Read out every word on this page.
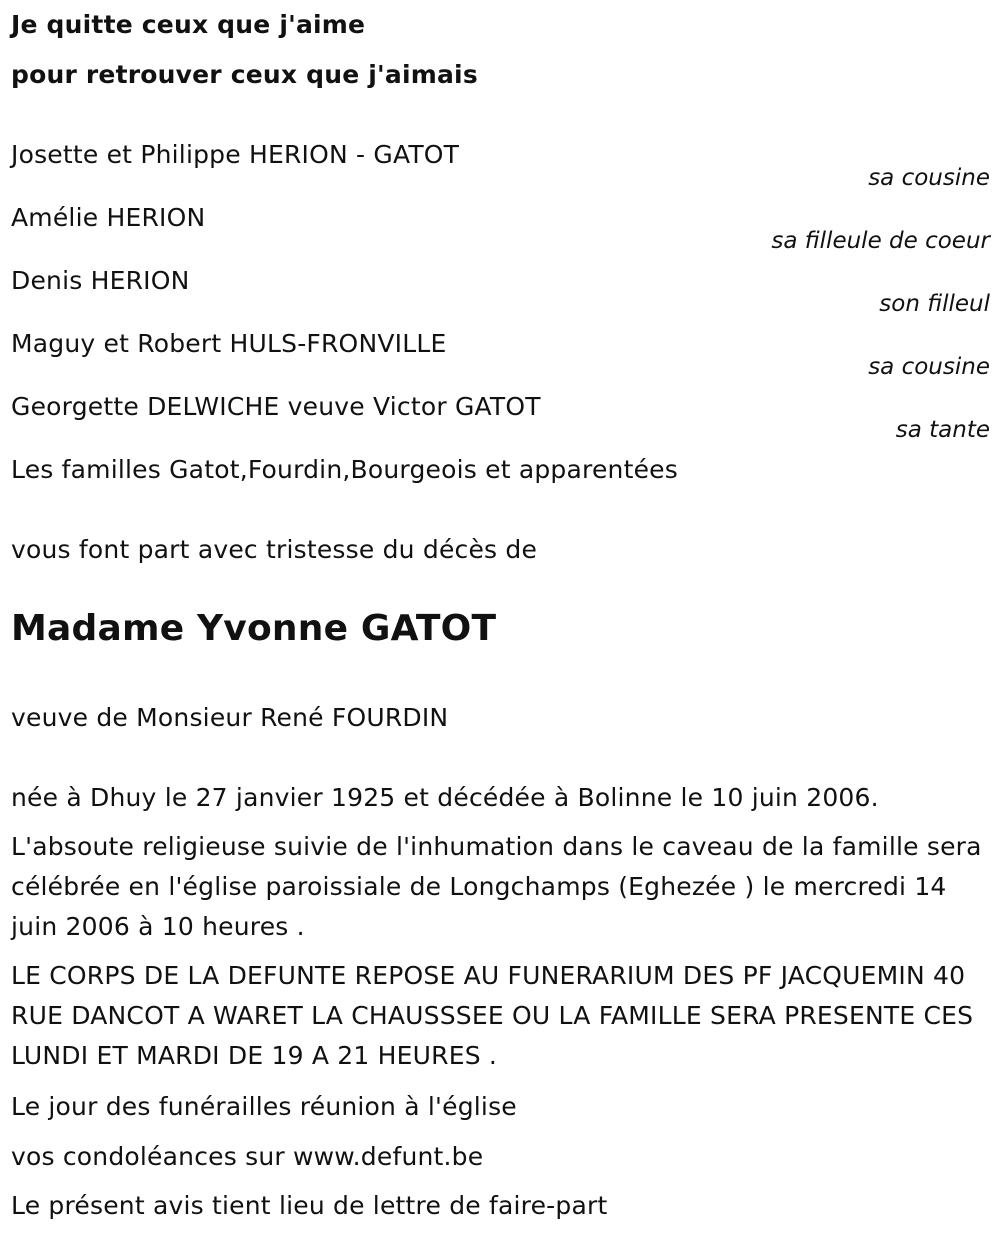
Je quitte ceux que j'aime
pour retrouver ceux que j'aimais
Josette et Philippe HERION - GATOT
sa cousine
Amélie HERION
sa filleule de coeur
Denis HERION
son filleul
Maguy et Robert HULS-FRONVILLE
sa cousine
Georgette DELWICHE veuve Victor GATOT
sa tante
Les familles Gatot,Fourdin,Bourgeois et apparentées
vous font part avec tristesse du décès de
Madame Yvonne GATOT
veuve de Monsieur René FOURDIN
née à Dhuy le 27 janvier 1925 et décédée à Bolinne le 10 juin 2006.
L'absoute religieuse suivie de l'inhumation dans le caveau de la famille sera célébrée en l'église paroissiale de Longchamps (Eghezée ) le mercredi 14 juin 2006 à 10 heures .
LE CORPS DE LA DEFUNTE REPOSE AU FUNERARIUM DES PF JACQUEMIN 40 RUE DANCOT A WARET LA CHAUSSSEE OU LA FAMILLE SERA PRESENTE CES LUNDI ET MARDI DE 19 A 21 HEURES .
Le jour des funérailles réunion à l'église
vos condoléances sur www.defunt.be
Le présent avis tient lieu de lettre de faire-part
